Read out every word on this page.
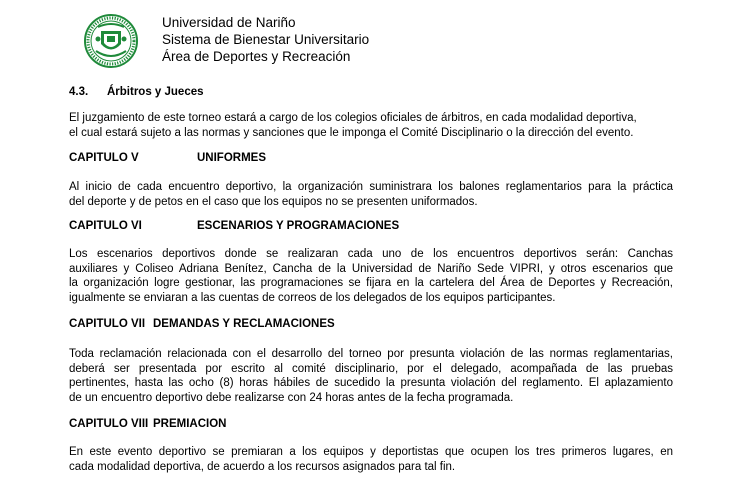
Universidad de Nariño
Sistema de Bienestar Universitario
Área de Deportes y Recreación
4.3. Árbitros y Jueces
El juzgamiento de este torneo estará a cargo de los colegios oficiales de árbitros, en cada modalidad deportiva,
el cual estará sujeto a las normas y sanciones que le imponga el Comité Disciplinario o la dirección del evento.
CAPITULO V	UNIFORMES
Al inicio de cada encuentro deportivo, la organización suministrara los balones reglamentarios para la práctica
del deporte y de petos en el caso que los equipos no se presenten uniformados.
CAPITULO VI	ESCENARIOS Y PROGRAMACIONES
Los escenarios deportivos donde se realizaran cada uno de los encuentros deportivos serán: Canchas
auxiliares y Coliseo Adriana Benítez, Cancha de la Universidad de Nariño Sede VIPRI, y otros escenarios que
la organización logre gestionar, las programaciones se fijara en la cartelera del Área de Deportes y Recreación,
igualmente se enviaran a las cuentas de correos de los delegados de los equipos participantes.
CAPITULO VII DEMANDAS Y RECLAMACIONES
Toda reclamación relacionada con el desarrollo del torneo por presunta violación de las normas reglamentarias,
deberá ser presentada por escrito al comité disciplinario, por el delegado, acompañada de las pruebas
pertinentes, hasta las ocho (8) horas hábiles de sucedido la presunta violación del reglamento. El aplazamiento
de un encuentro deportivo debe realizarse con 24 horas antes de la fecha programada.
CAPITULO VIII PREMIACION
En este evento deportivo se premiaran a los equipos y deportistas que ocupen los tres primeros lugares, en
cada modalidad deportiva, de acuerdo a los recursos asignados para tal fin.
